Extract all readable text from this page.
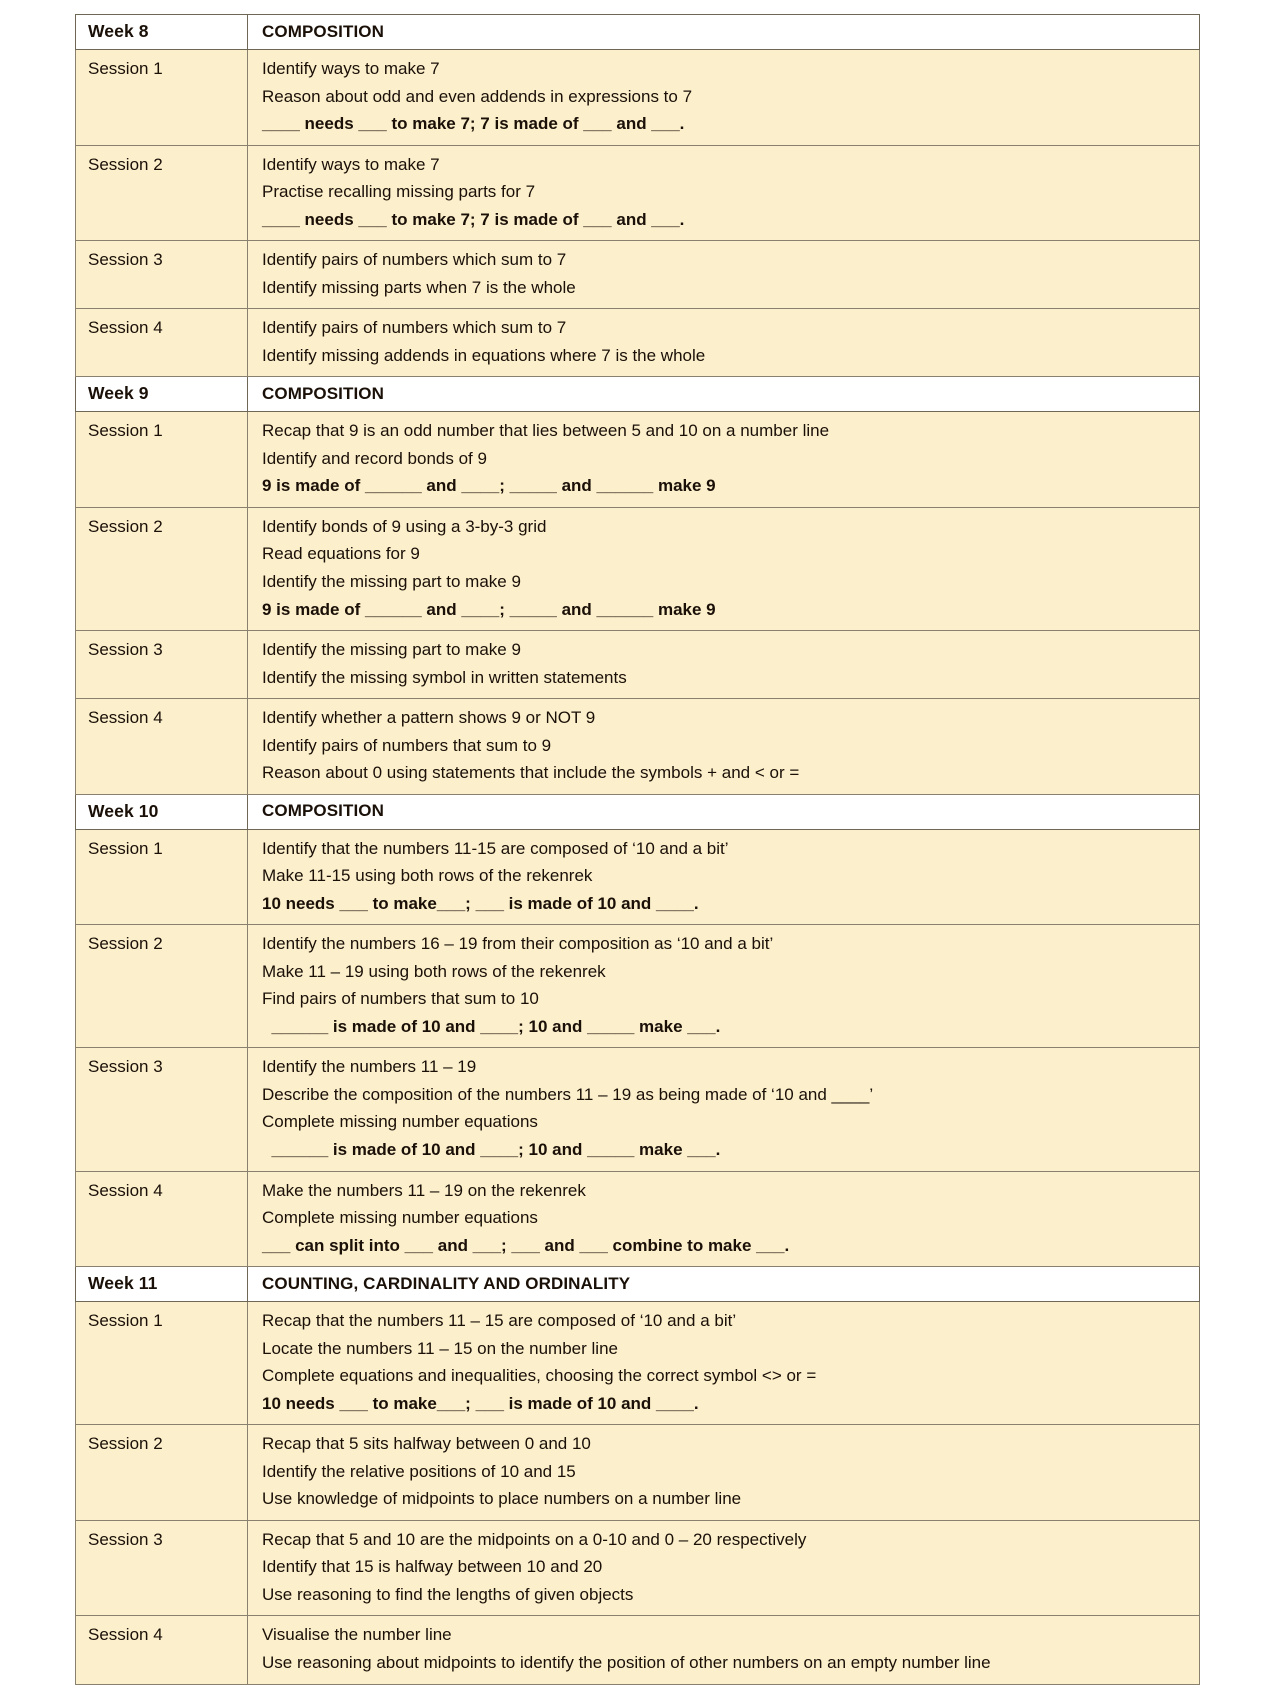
Week 8	COMPOSITION
Session 1	Identify ways to make 7
Reason about odd and even addends in expressions to 7
____ needs ___ to make 7; 7 is made of ___ and ___.

Session 2	Identify ways to make 7
Practise recalling missing parts for 7
____ needs ___ to make 7; 7 is made of ___ and ___.

Session 3	Identify pairs of numbers which sum to 7
Identify missing parts when 7 is the whole

Session 4	Identify pairs of numbers which sum to 7
Identify missing addends in equations where 7 is the whole

Week 9	COMPOSITION
Session 1	Recap that 9 is an odd number that lies between 5 and 10 on a number line
Identify and record bonds of 9
9 is made of ______ and ____; _____ and ______ make 9

Session 2	Identify bonds of 9 using a 3-by-3 grid
Read equations for 9
Identify the missing part to make 9
9 is made of ______ and ____; _____ and ______ make 9

Session 3	Identify the missing part to make 9
Identify the missing symbol in written statements

Session 4	Identify whether a pattern shows 9 or NOT 9
Identify pairs of numbers that sum to 9
Reason about 0 using statements that include the symbols + and < or =

Week 10	COMPOSITION
Session 1	Identify that the numbers 11-15 are composed of ‘10 and a bit’
Make 11-15 using both rows of the rekenrek
10 needs ___ to make___; ___ is made of 10 and ____.

Session 2	Identify the numbers 16 – 19 from their composition as ‘10 and a bit’
Make 11 – 19 using both rows of the rekenrek
Find pairs of numbers that sum to 10
______ is made of 10 and ____; 10 and _____ make ___.

Session 3	Identify the numbers 11 – 19
Describe the composition of the numbers 11 – 19 as being made of ‘10 and ____’
Complete missing number equations
______ is made of 10 and ____; 10 and _____ make ___.

Session 4	Make the numbers 11 – 19 on the rekenrek
Complete missing number equations
___ can split into ___ and ___; ___ and ___ combine to make ___.

Week 11	COUNTING, CARDINALITY AND ORDINALITY
Session 1	Recap that the numbers 11 – 15 are composed of ‘10 and a bit’
Locate the numbers 11 – 15 on the number line
Complete equations and inequalities, choosing the correct symbol <> or =
10 needs ___ to make___; ___ is made of 10 and ____.

Session 2	Recap that 5 sits halfway between 0 and 10
Identify the relative positions of 10 and 15
Use knowledge of midpoints to place numbers on a number line

Session 3	Recap that 5 and 10 are the midpoints on a 0-10 and 0 – 20 respectively
Identify that 15 is halfway between 10 and 20
Use reasoning to find the lengths of given objects

Session 4	Visualise the number line
Use reasoning about midpoints to identify the position of other numbers on an empty number line
